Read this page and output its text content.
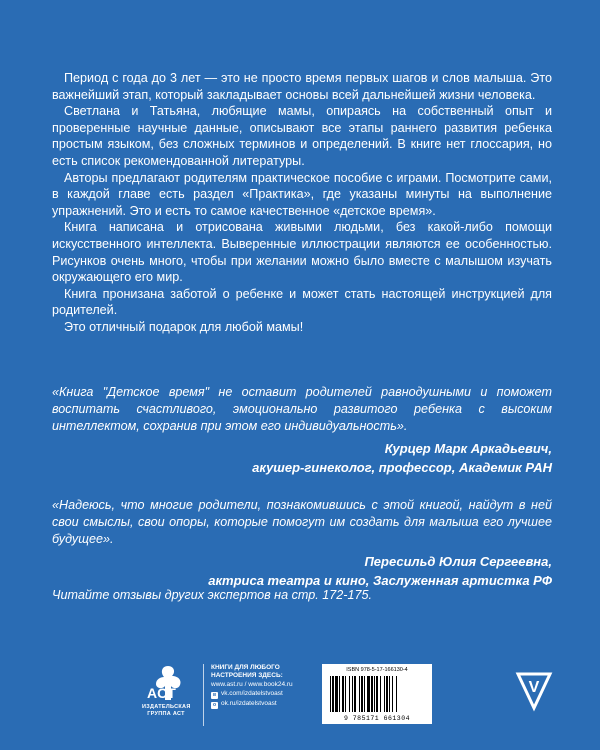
Период с года до 3 лет — это не просто время первых шагов и слов малыша. Это важнейший этап, который закладывает основы всей дальнейшей жизни человека.

Светлана и Татьяна, любящие мамы, опираясь на собственный опыт и проверенные научные данные, описывают все этапы раннего развития ребенка простым языком, без сложных терминов и определений. В книге нет глоссария, но есть список рекомендованной литературы.

Авторы предлагают родителям практическое пособие с играми. Посмотрите сами, в каждой главе есть раздел «Практика», где указаны минуты на выполнение упражнений. Это и есть то самое качественное «детское время».

Книга написана и отрисована живыми людьми, без какой-либо помощи искусственного интеллекта. Выверенные иллюстрации являются ее особенностью. Рисунков очень много, чтобы при желании можно было вместе с малышом изучать окружающего его мир.

Книга пронизана заботой о ребенке и может стать настоящей инструкцией для родителей.

Это отличный подарок для любой мамы!

«Книга "Детское время" не оставит родителей равнодушными и поможет воспитать счастливого, эмоционально развитого ребенка с высоким интеллектом, сохранив при этом его индивидуальность».

Курцер Марк Аркадьевич,
акушер-гинеколог, профессор, Академик РАН

«Надеюсь, что многие родители, познакомившись с этой книгой, найдут в ней свои смыслы, свои опоры, которые помогут им создать для малыша его лучшее будущее».

Пересильд Юлия Сергеевна,
актриса театра и кино, Заслуженная артистка РФ
Читайте отзывы других экспертов на стр. 172-175.
ACT
ИЗДАТЕЛЬСКАЯ
ГРУППА АСТ
КНИГИ ДЛЯ ЛЮБОГО
НАСТРОЕНИЯ ЗДЕСЬ:
www.ast.ru / www.book24.ru
в vk.com/izdatelstvoast
о ok.ru/izdatelstvoast
ISBN 978-5-17-166130-4
9 785171 661304
V
